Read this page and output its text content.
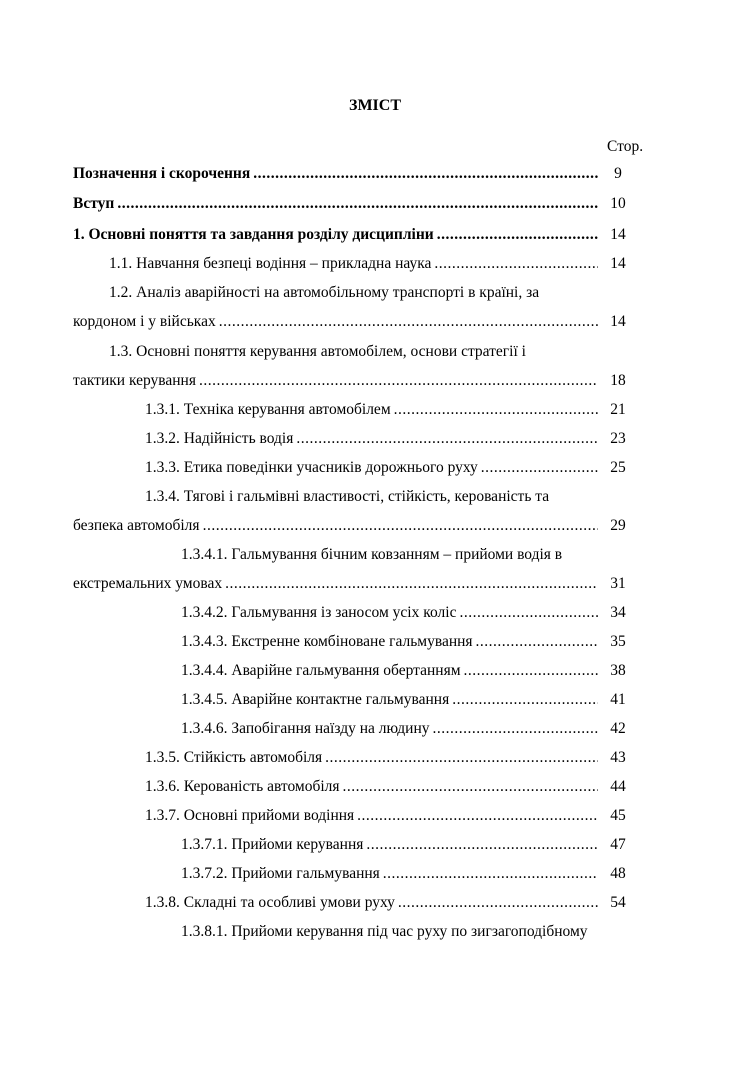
ЗМІСТ
Стор.
Позначення і скорочення .....	9
Вступ .....	10
1. Основні поняття та завдання розділу дисципліни .....	14
1.1. Навчання безпеці водіння – прикладна наука .....	14
1.2. Аналіз аварійності на автомобільному транспорті в країні, за
кордоном і у військах .....	14
1.3. Основні поняття керування автомобілем, основи стратегії і
тактики керування .....	18
1.3.1. Техніка керування автомобілем .....	21
1.3.2. Надійність водія .....	23
1.3.3. Етика поведінки учасників дорожнього руху .....	25
1.3.4. Тягові і гальмівні властивості, стійкість, керованість та
безпека автомобіля .....	29
1.3.4.1. Гальмування бічним ковзанням – прийоми водія в
екстремальних умовах .....	31
1.3.4.2. Гальмування із заносом усіх коліс .....	34
1.3.4.3. Екстренне комбіноване гальмування .....	35
1.3.4.4. Аварійне гальмування обертанням .....	38
1.3.4.5. Аварійне контактне гальмування .....	41
1.3.4.6. Запобігання наїзду на людину .....	42
1.3.5. Стійкість автомобіля .....	43
1.3.6. Керованість автомобіля .....	44
1.3.7. Основні прийоми водіння .....	45
1.3.7.1. Прийоми керування .....	47
1.3.7.2. Прийоми гальмування .....	48
1.3.8. Складні та особливі умови руху .....	54
1.3.8.1. Прийоми керування під час руху по зигзагоподібному
